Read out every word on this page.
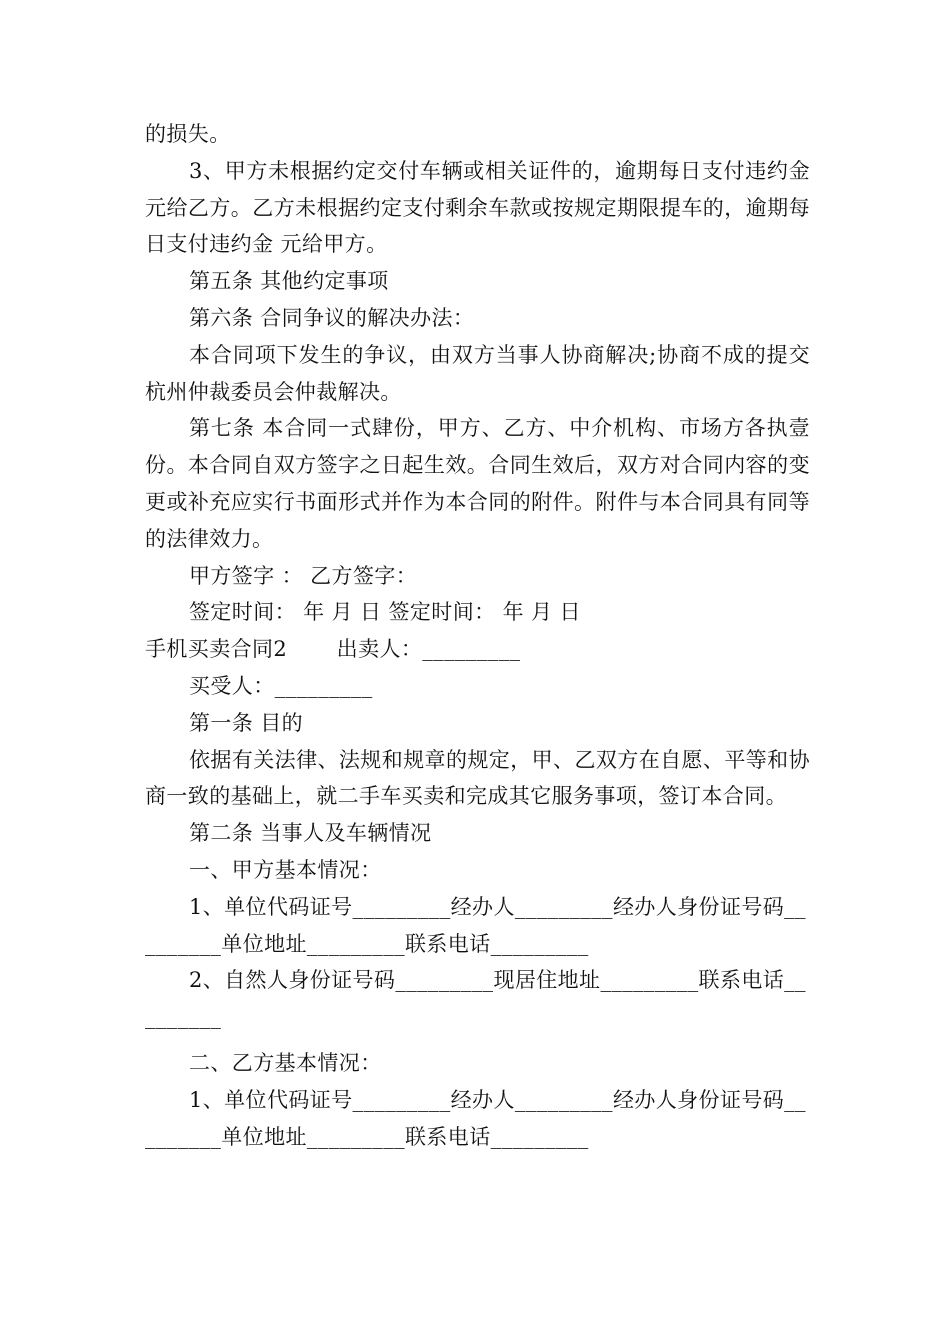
的损失。

3、甲方未根据约定交付车辆或相关证件的，逾期每日支付违约金 元给乙方。乙方未根据约定支付剩余车款或按规定期限提车的，逾期每日支付违约金 元给甲方。

第五条 其他约定事项

第六条 合同争议的解决办法：

本合同项下发生的争议，由双方当事人协商解决;协商不成的提交杭州仲裁委员会仲裁解决。

第七条 本合同一式肆份，甲方、乙方、中介机构、市场方各执壹份。本合同自双方签字之日起生效。合同生效后，双方对合同内容的变更或补充应实行书面形式并作为本合同的附件。附件与本合同具有同等的法律效力。

甲方签字 ： 乙方签字：

签定时间： 年 月 日 签定时间： 年 月 日

手机买卖合同2       出卖人：_________

买受人：_________

第一条 目的

依据有关法律、法规和规章的规定，甲、乙双方在自愿、平等和协商一致的基础上，就二手车买卖和完成其它服务事项，签订本合同。

第二条 当事人及车辆情况

一、甲方基本情况：

1、单位代码证号_________经办人_________经办人身份证号码_________单位地址_________联系电话_________

2、自然人身份证号码_________现居住地址_________联系电话_________

二、乙方基本情况：

1、单位代码证号_________经办人_________经办人身份证号码_________单位地址_________联系电话_________
